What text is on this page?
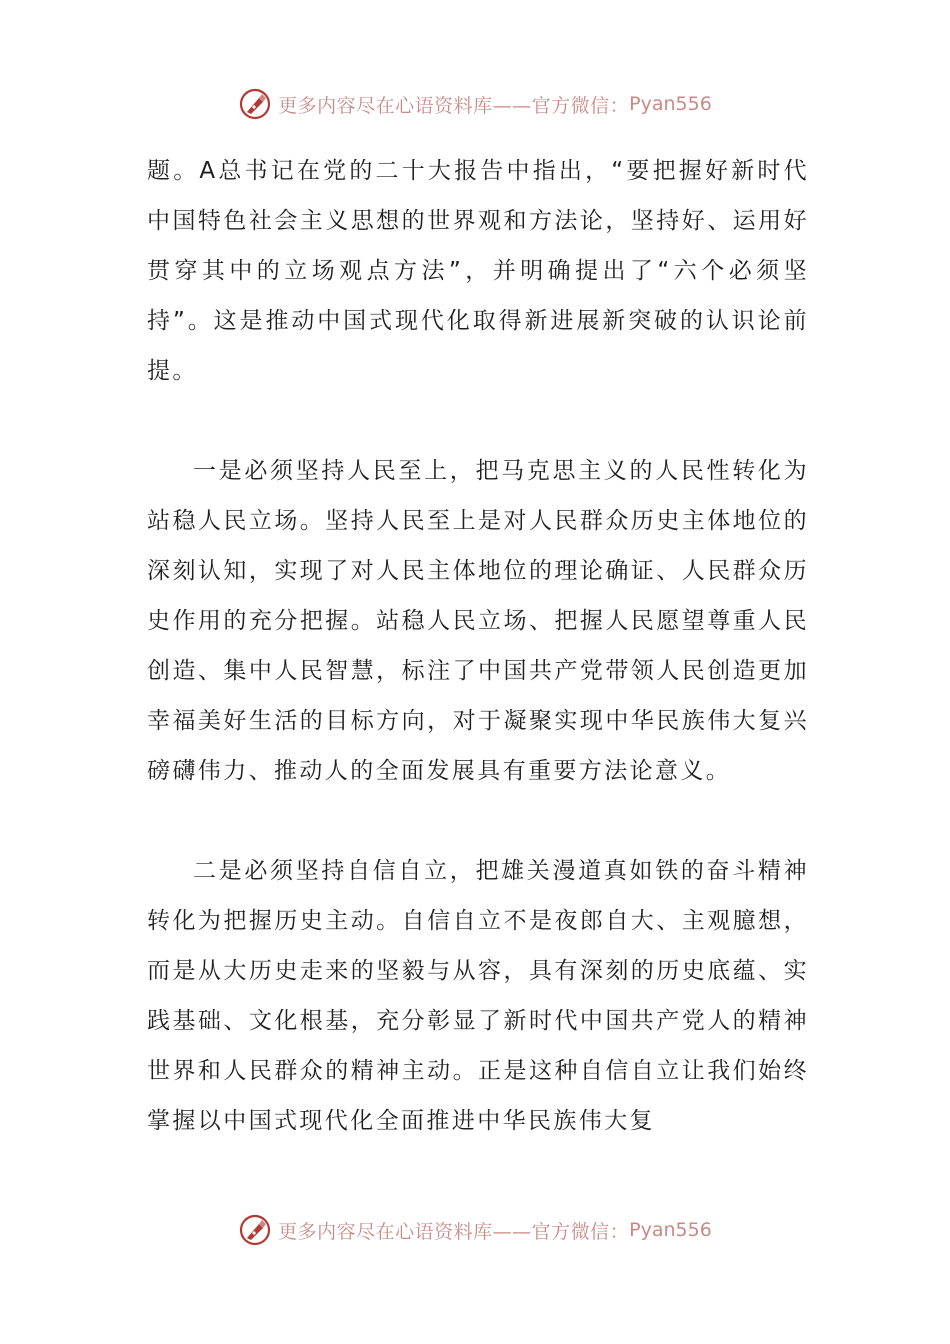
更多内容尽在心语资料库——官方微信： Pyan556

题。A总书记在党的二十大报告中指出，“要把握好新时代中国特色社会主义思想的世界观和方法论，坚持好、运用好贯穿其中的立场观点方法”，并明确提出了“六个必须坚持”。这是推动中国式现代化取得新进展新突破的认识论前提。

一是必须坚持人民至上，把马克思主义的人民性转化为站稳人民立场。坚持人民至上是对人民群众历史主体地位的深刻认知，实现了对人民主体地位的理论确证、人民群众历史作用的充分把握。站稳人民立场、把握人民愿望尊重人民创造、集中人民智慧，标注了中国共产党带领人民创造更加幸福美好生活的目标方向，对于凝聚实现中华民族伟大复兴磅礴伟力、推动人的全面发展具有重要方法论意义。

二是必须坚持自信自立，把雄关漫道真如铁的奋斗精神转化为把握历史主动。自信自立不是夜郎自大、主观臆想，而是从大历史走来的坚毅与从容，具有深刻的历史底蕴、实践基础、文化根基，充分彰显了新时代中国共产党人的精神世界和人民群众的精神主动。正是这种自信自立让我们始终掌握以中国式现代化全面推进中华民族伟大复

更多内容尽在心语资料库——官方微信： Pyan556
